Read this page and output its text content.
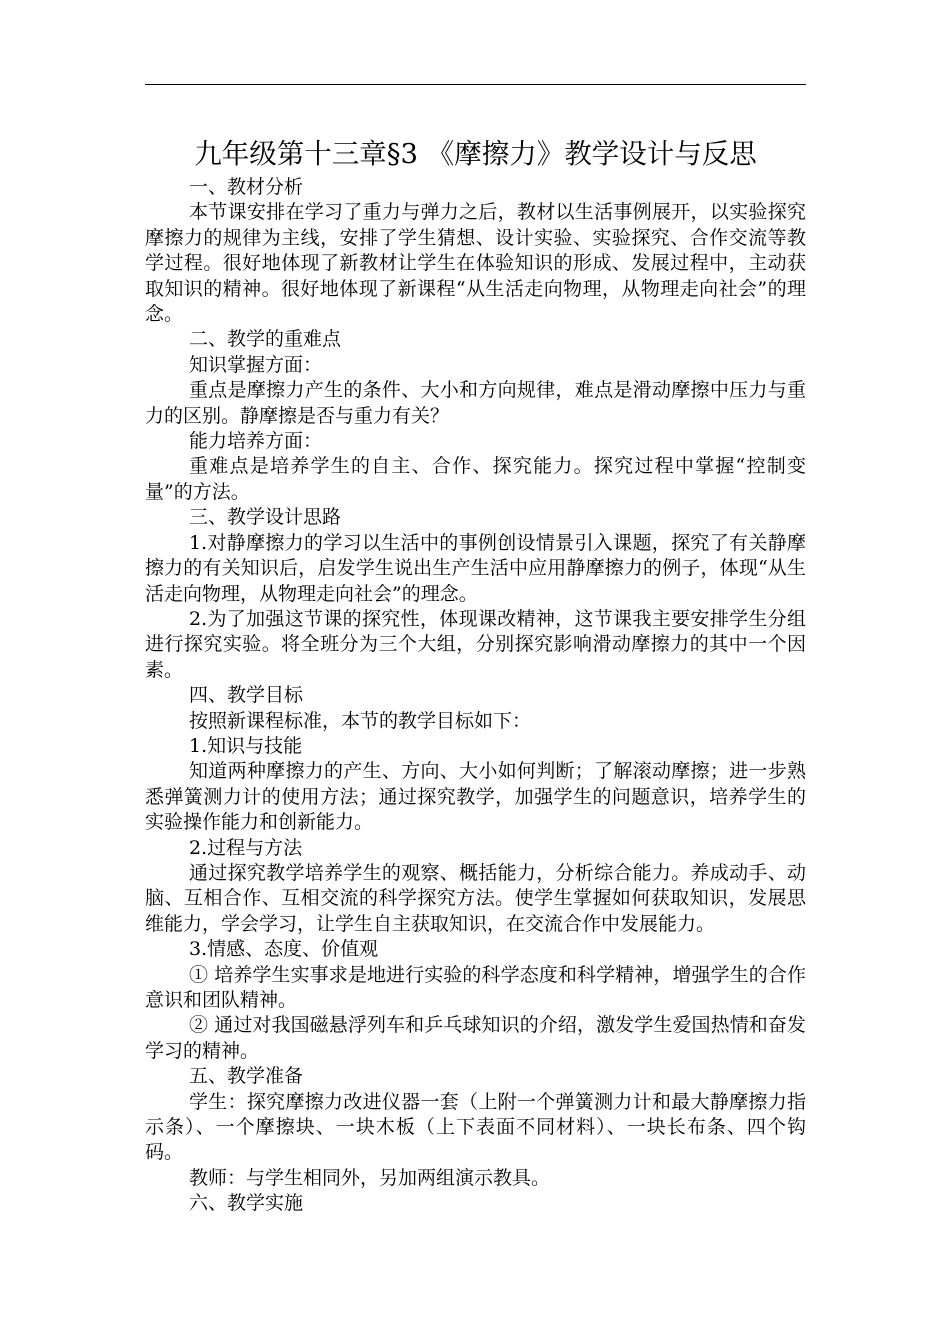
九年级第十三章§3 《摩擦力》教学设计与反思

一、教材分析

本节课安排在学习了重力与弹力之后，教材以生活事例展开，以实验探究摩擦力的规律为主线，安排了学生猜想、设计实验、实验探究、合作交流等教学过程。很好地体现了新教材让学生在体验知识的形成、发展过程中，主动获取知识的精神。很好地体现了新课程“从生活走向物理，从物理走向社会”的理念。

二、教学的重难点

知识掌握方面：

重点是摩擦力产生的条件、大小和方向规律，难点是滑动摩擦中压力与重力的区别。静摩擦是否与重力有关？

能力培养方面：

重难点是培养学生的自主、合作、探究能力。探究过程中掌握“控制变量”的方法。

三、教学设计思路

1.对静摩擦力的学习以生活中的事例创设情景引入课题，探究了有关静摩擦力的有关知识后，启发学生说出生产生活中应用静摩擦力的例子，体现“从生活走向物理，从物理走向社会”的理念。

2.为了加强这节课的探究性，体现课改精神，这节课我主要安排学生分组进行探究实验。将全班分为三个大组，分别探究影响滑动摩擦力的其中一个因素。

四、教学目标

按照新课程标准，本节的教学目标如下：

1.知识与技能

知道两种摩擦力的产生、方向、大小如何判断；了解滚动摩擦；进一步熟悉弹簧测力计的使用方法；通过探究教学，加强学生的问题意识，培养学生的实验操作能力和创新能力。

2.过程与方法

通过探究教学培养学生的观察、概括能力，分析综合能力。养成动手、动脑、互相合作、互相交流的科学探究方法。使学生掌握如何获取知识，发展思维能力，学会学习，让学生自主获取知识，在交流合作中发展能力。

3.情感、态度、价值观

① 培养学生实事求是地进行实验的科学态度和科学精神，增强学生的合作意识和团队精神。

② 通过对我国磁悬浮列车和乒乓球知识的介绍，激发学生爱国热情和奋发学习的精神。

五、教学准备

学生：探究摩擦力改进仪器一套（上附一个弹簧测力计和最大静摩擦力指示条）、一个摩擦块、一块木板（上下表面不同材料）、一块长布条、四个钩码。

教师：与学生相同外，另加两组演示教具。

六、教学实施
